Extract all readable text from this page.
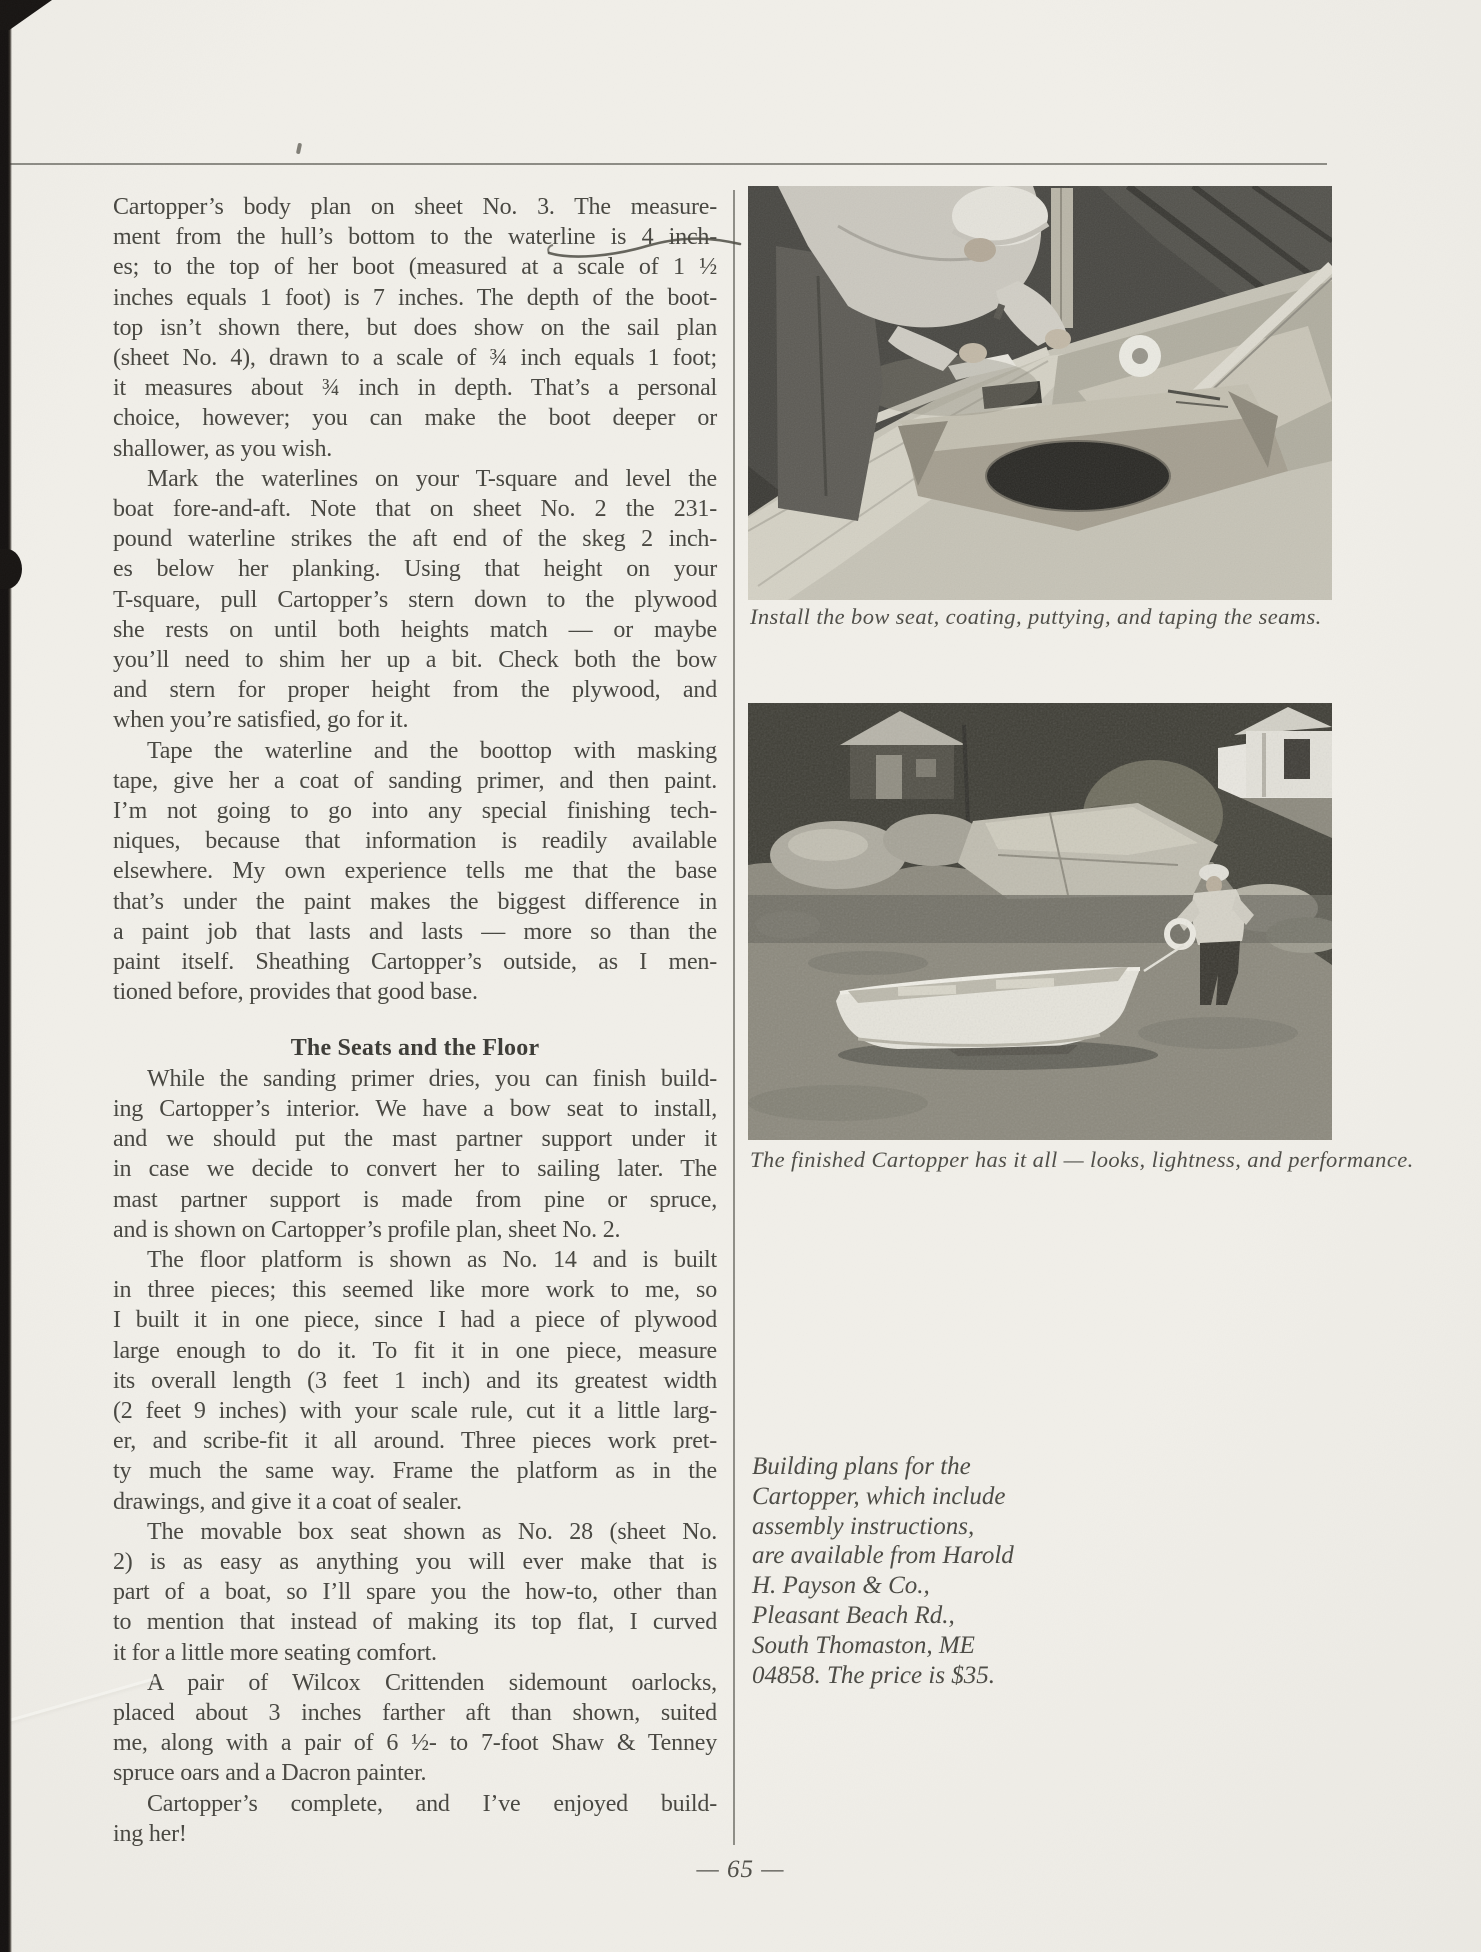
Cartopper’s body plan on sheet No. 3. The measure-
ment from the hull’s bottom to the waterline is 4 inch-
es; to the top of her boot (measured at a scale of 1 ½
inches equals 1 foot) is 7 inches. The depth of the boot-
top isn’t shown there, but does show on the sail plan
(sheet No. 4), drawn to a scale of ¾ inch equals 1 foot;
it measures about ¾ inch in depth. That’s a personal
choice, however; you can make the boot deeper or
shallower, as you wish.
Mark the waterlines on your T-square and level the
boat fore-and-aft. Note that on sheet No. 2 the 231-
pound waterline strikes the aft end of the skeg 2 inch-
es below her planking. Using that height on your
T-square, pull Cartopper’s stern down to the plywood
she rests on until both heights match — or maybe
you’ll need to shim her up a bit. Check both the bow
and stern for proper height from the plywood, and
when you’re satisfied, go for it.
Tape the waterline and the boottop with masking
tape, give her a coat of sanding primer, and then paint.
I’m not going to go into any special finishing tech-
niques, because that information is readily available
elsewhere. My own experience tells me that the base
that’s under the paint makes the biggest difference in
a paint job that lasts and lasts — more so than the
paint itself. Sheathing Cartopper’s outside, as I men-
tioned before, provides that good base.
The Seats and the Floor
While the sanding primer dries, you can finish build-
ing Cartopper’s interior. We have a bow seat to install,
and we should put the mast partner support under it
in case we decide to convert her to sailing later. The
mast partner support is made from pine or spruce,
and is shown on Cartopper’s profile plan, sheet No. 2.
The floor platform is shown as No. 14 and is built
in three pieces; this seemed like more work to me, so
I built it in one piece, since I had a piece of plywood
large enough to do it. To fit it in one piece, measure
its overall length (3 feet 1 inch) and its greatest width
(2 feet 9 inches) with your scale rule, cut it a little larg-
er, and scribe-fit it all around. Three pieces work pret-
ty much the same way. Frame the platform as in the
drawings, and give it a coat of sealer.
The movable box seat shown as No. 28 (sheet No.
2) is as easy as anything you will ever make that is
part of a boat, so I’ll spare you the how-to, other than
to mention that instead of making its top flat, I curved
it for a little more seating comfort.
A pair of Wilcox Crittenden sidemount oarlocks,
placed about 3 inches farther aft than shown, suited
me, along with a pair of 6 ½- to 7-foot Shaw & Tenney
spruce oars and a Dacron painter.
Cartopper’s complete, and I’ve enjoyed build-
ing her!
Install the bow seat, coating, puttying, and taping the seams.
The finished Cartopper has it all — looks, lightness, and performance.
Building plans for the
Cartopper, which include
assembly instructions,
are available from Harold
H. Payson & Co.,
Pleasant Beach Rd.,
South Thomaston, ME
04858. The price is $35.
— 65 —
